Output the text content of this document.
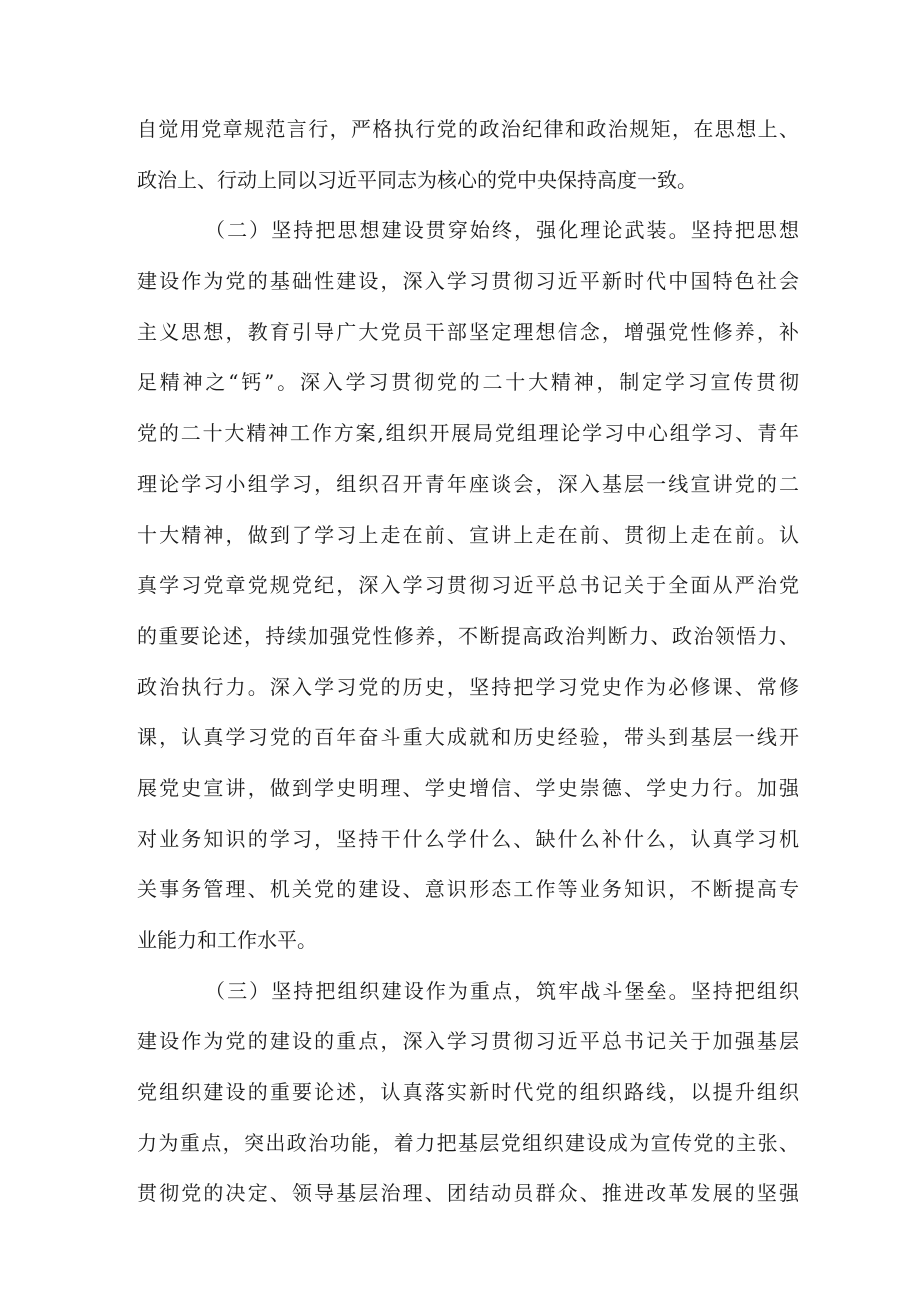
自觉用党章规范言行，严格执行党的政治纪律和政治规矩，在思想上、
政治上、行动上同以习近平同志为核心的党中央保持高度一致。
（二）坚持把思想建设贯穿始终，强化理论武装。坚持把思想
建设作为党的基础性建设，深入学习贯彻习近平新时代中国特色社会
主义思想，教育引导广大党员干部坚定理想信念，增强党性修养，补
足精神之“钙”。深入学习贯彻党的二十大精神，制定学习宣传贯彻
党的二十大精神工作方案,组织开展局党组理论学习中心组学习、青年
理论学习小组学习，组织召开青年座谈会，深入基层一线宣讲党的二
十大精神，做到了学习上走在前、宣讲上走在前、贯彻上走在前。认
真学习党章党规党纪，深入学习贯彻习近平总书记关于全面从严治党
的重要论述，持续加强党性修养，不断提高政治判断力、政治领悟力、
政治执行力。深入学习党的历史，坚持把学习党史作为必修课、常修
课，认真学习党的百年奋斗重大成就和历史经验，带头到基层一线开
展党史宣讲，做到学史明理、学史增信、学史崇德、学史力行。加强
对业务知识的学习，坚持干什么学什么、缺什么补什么，认真学习机
关事务管理、机关党的建设、意识形态工作等业务知识，不断提高专
业能力和工作水平。
（三）坚持把组织建设作为重点，筑牢战斗堡垒。坚持把组织
建设作为党的建设的重点，深入学习贯彻习近平总书记关于加强基层
党组织建设的重要论述，认真落实新时代党的组织路线，以提升组织
力为重点，突出政治功能，着力把基层党组织建设成为宣传党的主张、
贯彻党的决定、领导基层治理、团结动员群众、推进改革发展的坚强
